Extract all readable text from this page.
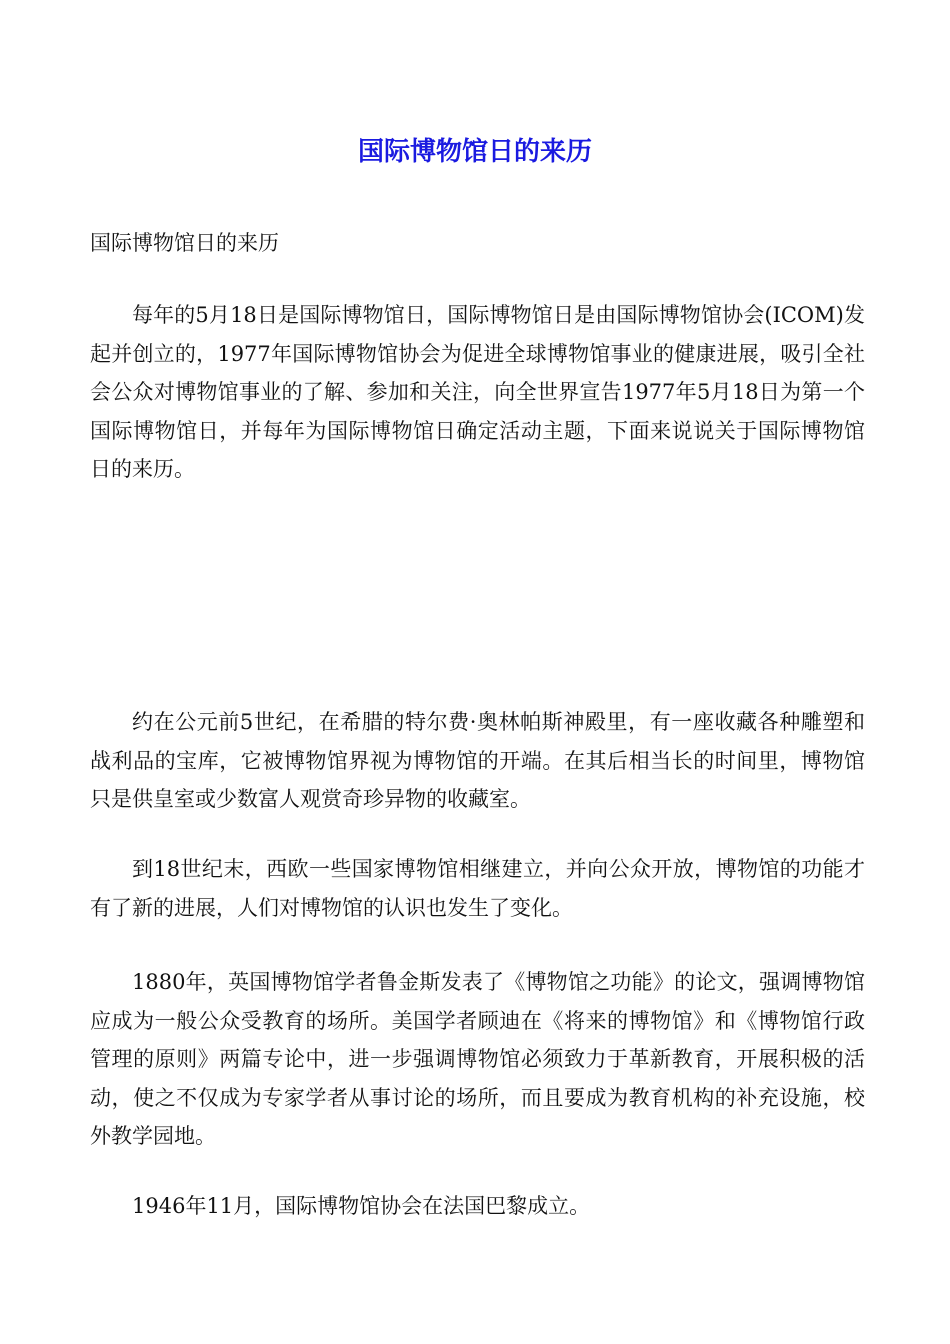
国际博物馆日的来历
国际博物馆日的来历

每年的5月18日是国际博物馆日，国际博物馆日是由国际博物馆协会(ICOM)发起并创立的，1977年国际博物馆协会为促进全球博物馆事业的健康进展，吸引全社会公众对博物馆事业的了解、参加和关注，向全世界宣告1977年5月18日为第一个国际博物馆日，并每年为国际博物馆日确定活动主题，下面来说说关于国际博物馆日的来历。

约在公元前5世纪，在希腊的特尔费·奥林帕斯神殿里，有一座收藏各种雕塑和战利品的宝库，它被博物馆界视为博物馆的开端。在其后相当长的时间里，博物馆只是供皇室或少数富人观赏奇珍异物的收藏室。

到18世纪末，西欧一些国家博物馆相继建立，并向公众开放，博物馆的功能才有了新的进展，人们对博物馆的认识也发生了变化。

1880年，英国博物馆学者鲁金斯发表了《博物馆之功能》的论文，强调博物馆应成为一般公众受教育的场所。美国学者顾迪在《将来的博物馆》和《博物馆行政管理的原则》两篇专论中，进一步强调博物馆必须致力于革新教育，开展积极的活动，使之不仅成为专家学者从事讨论的场所，而且要成为教育机构的补充设施，校外教学园地。

1946年11月，国际博物馆协会在法国巴黎成立。
